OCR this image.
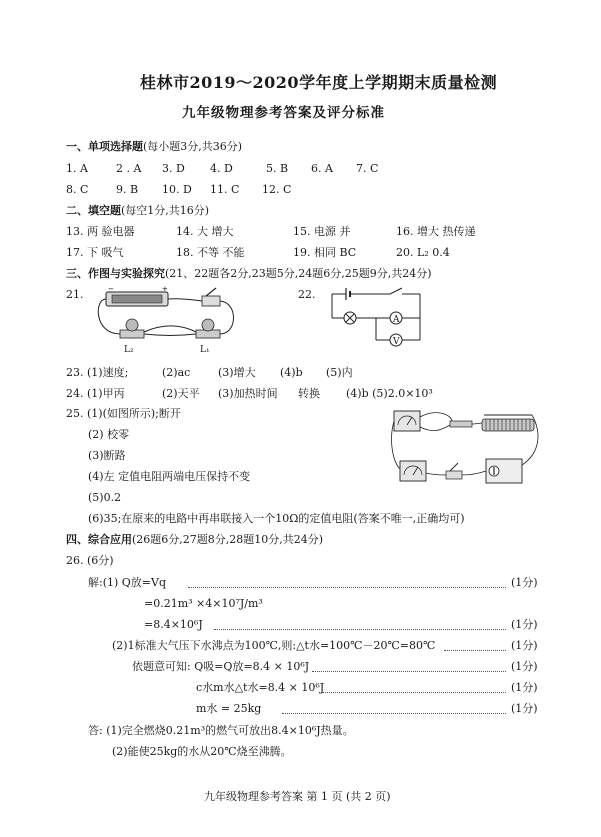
桂林市2019～2020学年度上学期期末质量检测
九年级物理参考答案及评分标准
一、单项选择题(每小题3分,共36分)
1. A	2 . A 3. D 4. D	5. B 6. A 7. C
8. C	9. B 10. D 11. C 12. C
二、填空题(每空1分,共16分)
13. 两 验电器	14. 大 增大	15. 电源 并	16. 增大 热传递
17. 下 吸气	18. 不等 不能	19. 相同 BC	20. L₂ 0.4
三、作图与实验探究(21、22题各2分,23题5分,24题6分,25题9分,共24分)
21.	22.
−	+
L₂	L₁
A
V
23. (1)速度;	(2)ac	(3)增大 (4)b (5)内
24. (1)甲丙	(2)天平 (3)加热时间 转换 (4)b (5)2.0×10³
25. (1)(如图所示);断开
(2) 校零
(3)断路
(4)左 定值电阻两端电压保持不变
(5)0.2
(6)35;在原来的电路中再串联接入一个10Ω的定值电阻(答案不唯一,正确均可)
四、综合应用(26题6分,27题8分,28题10分,共24分)
26. (6分)
解:(1) Q放=Vq	(1分)
=0.21m³ ×4×10⁷J/m³
=8.4×10⁶J	(1分)
(2)1标准大气压下水沸点为100℃,则:△t水=100℃－20℃=80℃	(1分)
依题意可知: Q吸=Q放=8.4 × 10⁶J	(1分)
c水m水△t水=8.4 × 10⁶J	(1分)
m水 = 25kg	(1分)
答: (1)完全燃烧0.21m³的燃气可放出8.4×10⁶J热量。
(2)能使25kg的水从20℃烧至沸腾。
九年级物理参考答案 第 1 页 (共 2 页)
